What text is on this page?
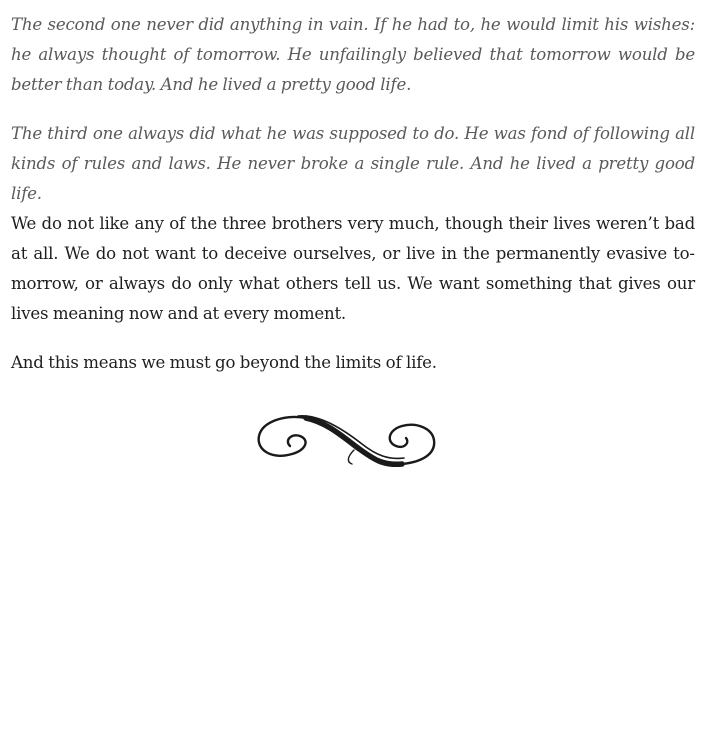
The second one never did anything in vain. If he had to, he would limit his wishes: he always thought of tomorrow. He unfailingly believed that tomorrow would be better than today. And he lived a pretty good life.

The third one always did what he was supposed to do. He was fond of following all kinds of rules and laws. He never broke a single rule. And he lived a pretty good life.

We do not like any of the three brothers very much, though their lives weren’t bad at all. We do not want to deceive ourselves, or live in the permanently evasive tomorrow, or always do only what others tell us. We want something that gives our lives meaning now and at every moment.

And this means we must go beyond the limits of life.
